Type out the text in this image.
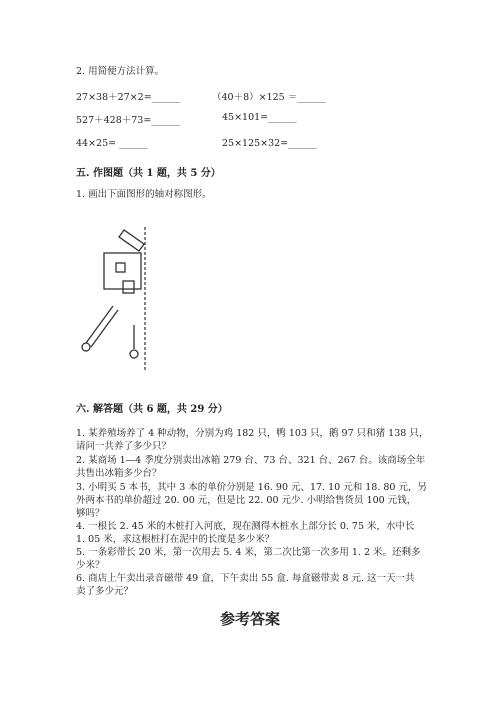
2. 用简便方法计算。
27×38＋27×2=______	（40＋8）×125 ＝______
527＋428＋73=______	45×101=______
44×25= ______	25×125×32=______
五. 作图题（共 1 题，共 5 分）
1. 画出下面图形的轴对称图形。
六. 解答题（共 6 题，共 29 分）
1. 某养殖场养了 4 种动物，分别为鸡 182 只，鸭 103 只，鹅 97 只和猪 138 只，
请问一共养了多少只？
2. 某商场 1—4 季度分别卖出冰箱 279 台、73 台、321 台、267 台。该商场全年
共售出冰箱多少台？
3. 小明买 5 本书，其中 3 本的单价分别是 16. 90 元、17. 10 元和 18. 80 元，另
外两本书的单价超过 20. 00 元，但是比 22. 00 元少. 小明给售货员 100 元钱，
够吗？
4. 一根长 2. 45 米的木桩打入河底，现在测得木桩水上部分长 0. 75 米，水中长
1. 05 米，求这根桩打在泥中的长度是多少米？
5. 一条彩带长 20 米，第一次用去 5. 4 米，第二次比第一次多用 1. 2 米。还剩多
少米？
6. 商店上午卖出录音磁带 49 盒，下午卖出 55 盒. 每盒磁带卖 8 元. 这一天一共
卖了多少元？
参考答案
